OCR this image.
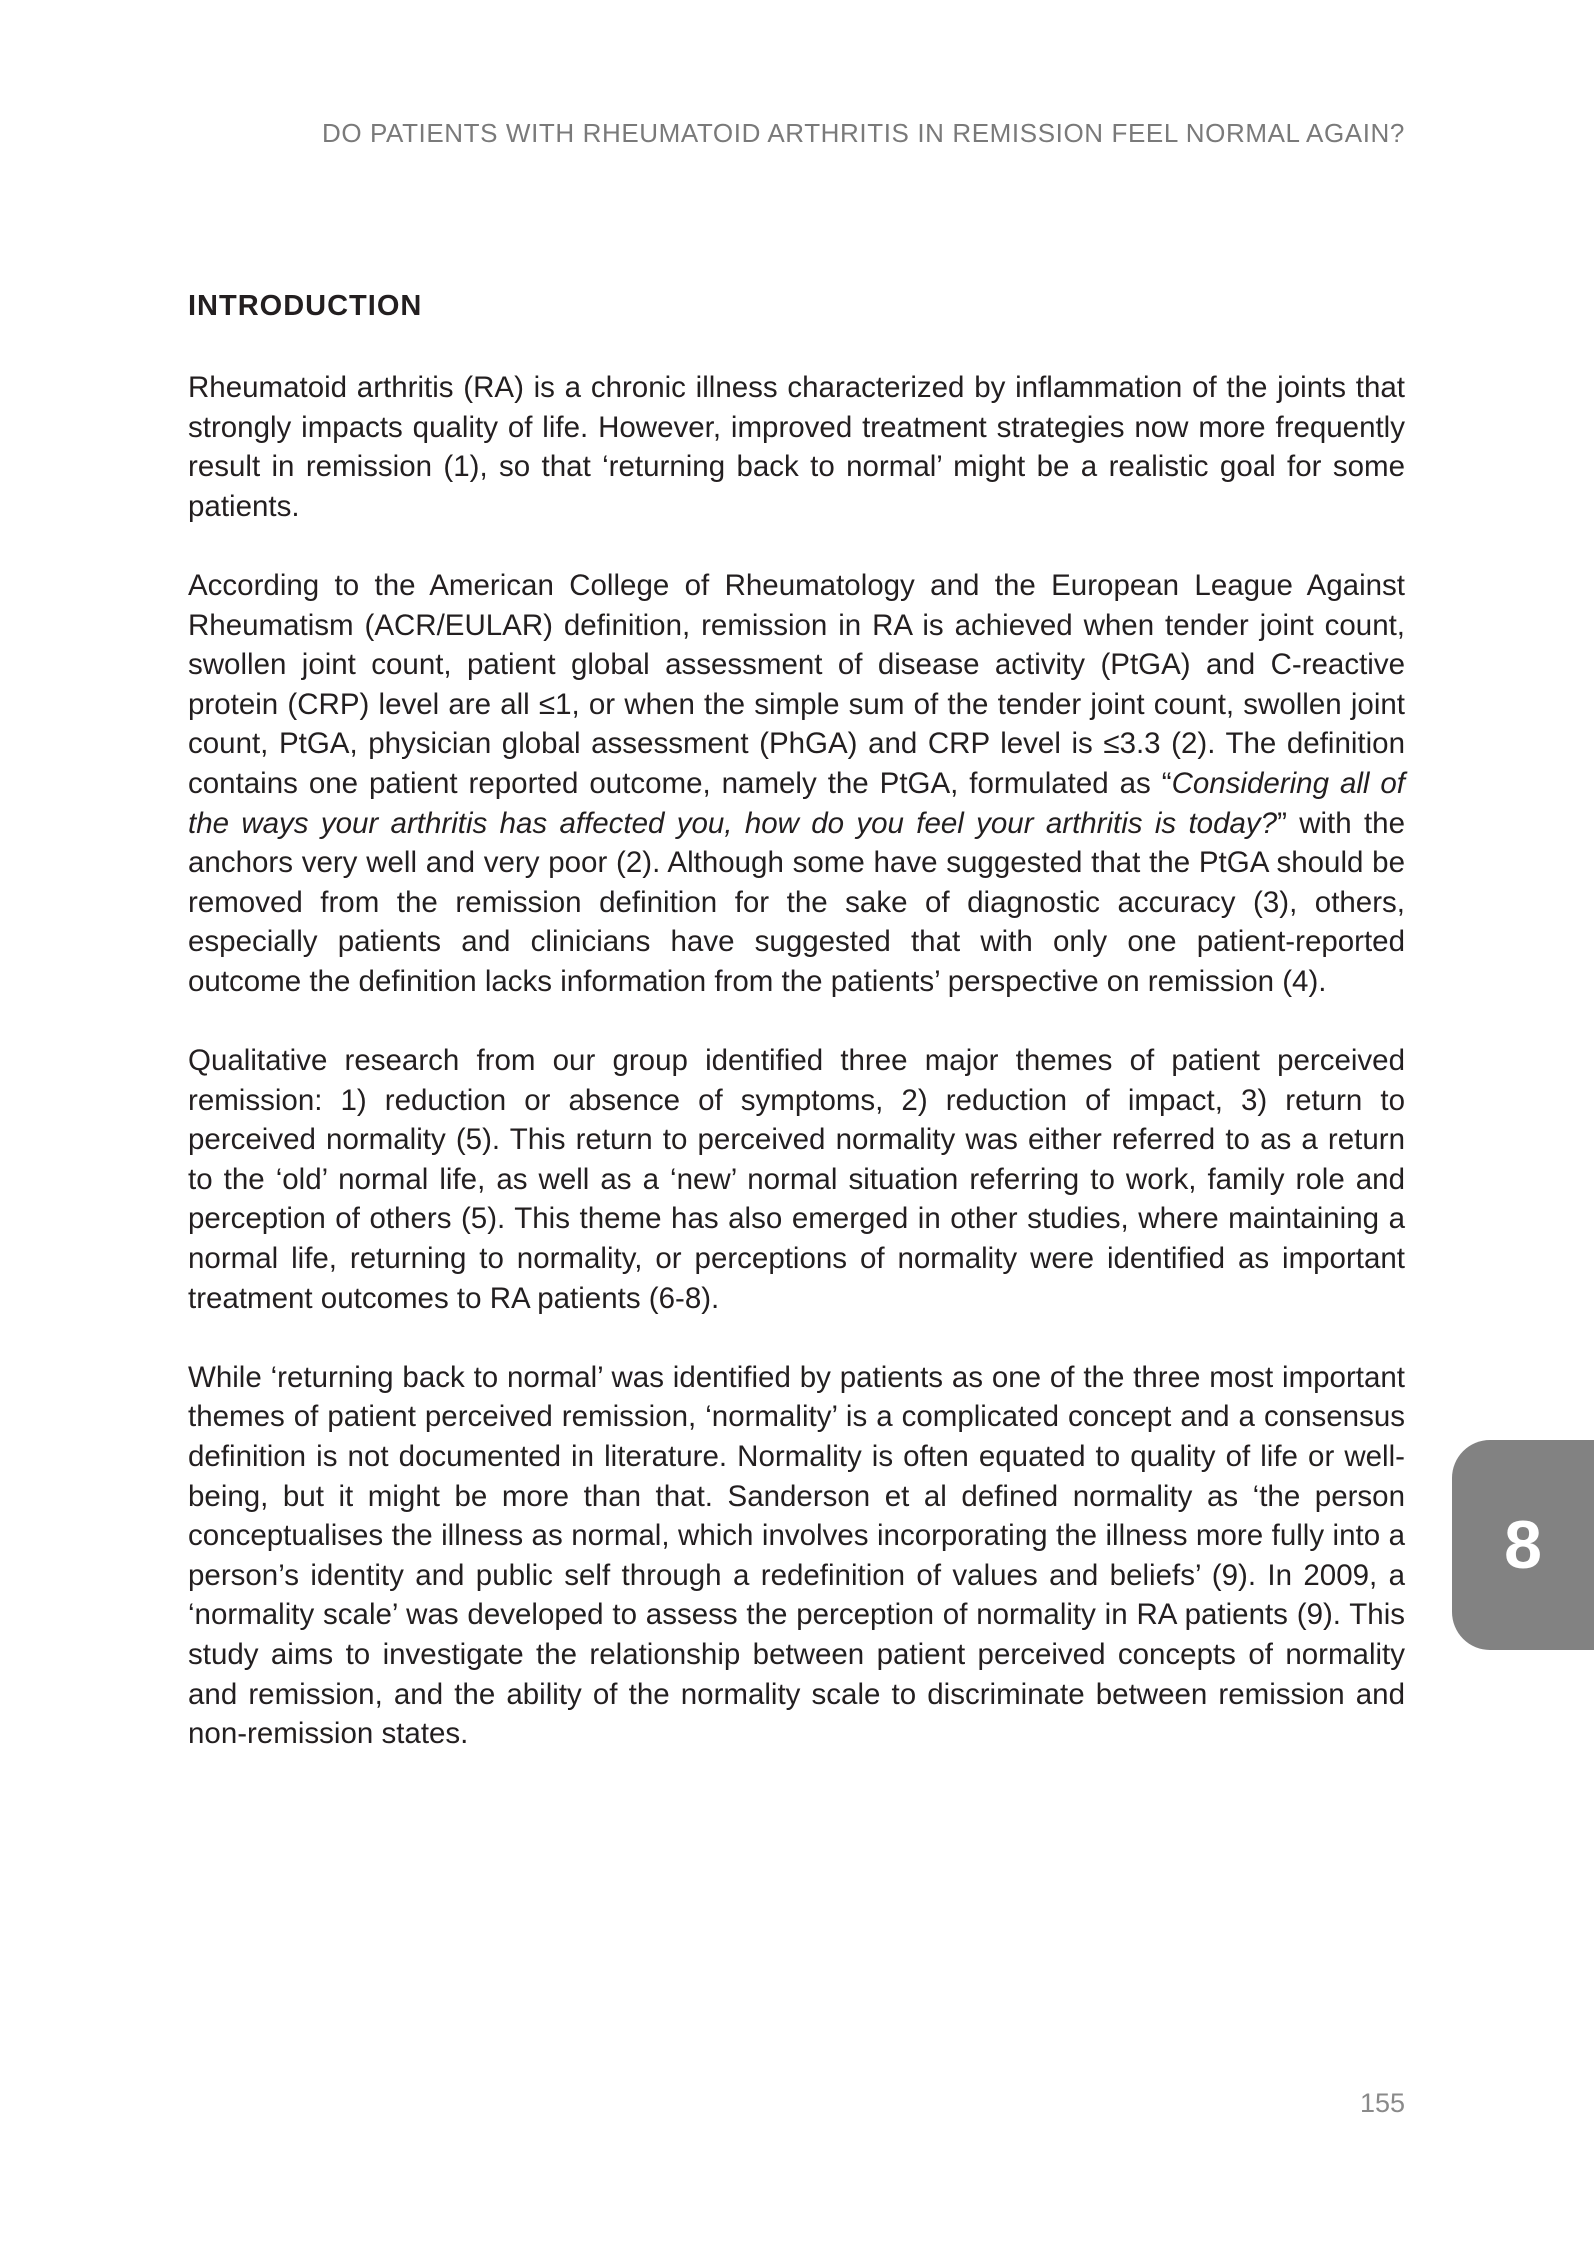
DO PATIENTS WITH RHEUMATOID ARTHRITIS IN REMISSION FEEL NORMAL AGAIN?
INTRODUCTION

Rheumatoid arthritis (RA) is a chronic illness characterized by inflammation of the joints that strongly impacts quality of life. However, improved treatment strategies now more frequently result in remission (1), so that ‘returning back to normal’ might be a realistic goal for some patients.

According to the American College of Rheumatology and the European League Against Rheumatism (ACR/EULAR) definition, remission in RA is achieved when tender joint count, swollen joint count, patient global assessment of disease activity (PtGA) and C-reactive protein (CRP) level are all ≤1, or when the simple sum of the tender joint count, swollen joint count, PtGA, physician global assessment (PhGA) and CRP level is ≤3.3 (2). The definition contains one patient reported outcome, namely the PtGA, formulated as “Considering all of the ways your arthritis has affected you, how do you feel your arthritis is today?” with the anchors very well and very poor (2). Although some have suggested that the PtGA should be removed from the remission definition for the sake of diagnostic accuracy (3), others, especially patients and clinicians have suggested that with only one patient-reported outcome the definition lacks information from the patients’ perspective on remission (4).

Qualitative research from our group identified three major themes of patient perceived remission: 1) reduction or absence of symptoms, 2) reduction of impact, 3) return to perceived normality (5). This return to perceived normality was either referred to as a return to the ‘old’ normal life, as well as a ‘new’ normal situation referring to work, family role and perception of others (5). This theme has also emerged in other studies, where maintaining a normal life, returning to normality, or perceptions of normality were identified as important treatment outcomes to RA patients (6-8).

While ‘returning back to normal’ was identified by patients as one of the three most important themes of patient perceived remission, ‘normality’ is a complicated concept and a consensus definition is not documented in literature. Normality is often equated to quality of life or well-being, but it might be more than that. Sanderson et al defined normality as ‘the person conceptualises the illness as normal, which involves incorporating the illness more fully into a person’s identity and public self through a redefinition of values and beliefs’ (9). In 2009, a ‘normality scale’ was developed to assess the perception of normality in RA patients (9). This study aims to investigate the relationship between patient perceived concepts of normality and remission, and the ability of the normality scale to discriminate between remission and non-remission states.

8
155
